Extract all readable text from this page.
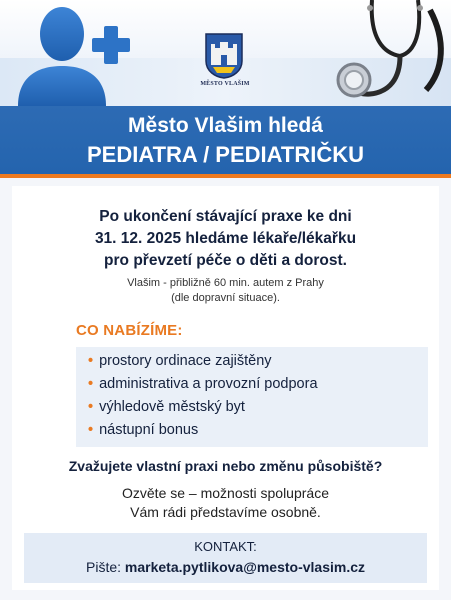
MĚSTO VLAŠIM
Město Vlašim hledá
PEDIATRA / PEDIATRIČKU
Po ukončení stávající praxe ke dni
31. 12. 2025 hledáme lékaře/lékařku
pro převzetí péče o děti a dorost.
Vlašim - přibližně 60 min. autem z Prahy
(dle dopravní situace).
CO NABÍZÍME:
• prostory ordinace zajištěny
• administrativa a provozní podpora
• výhledově městský byt
• nástupní bonus
Zvažujete vlastní praxi nebo změnu působiště?
Ozvěte se – možnosti spolupráce
Vám rádi představíme osobně.
KONTAKT:
Pište: marketa.pytlikova@mesto-vlasim.cz
